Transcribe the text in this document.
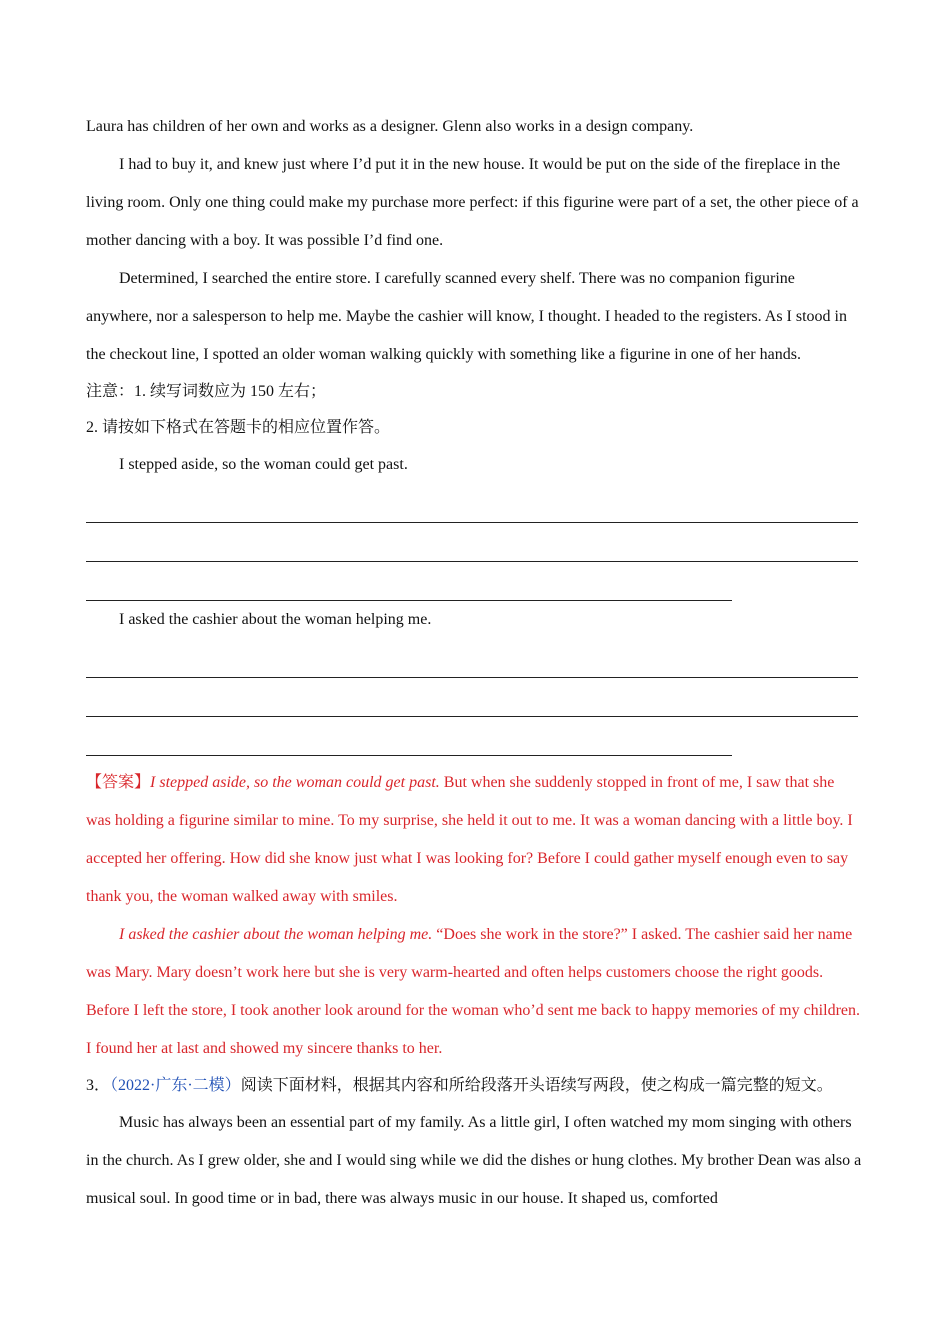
Laura has children of her own and works as a designer. Glenn also works in a design company.

I had to buy it, and knew just where I’d put it in the new house. It would be put on the side of the fireplace in the living room. Only one thing could make my purchase more perfect: if this figurine were part of a set, the other piece of a mother dancing with a boy. It was possible I’d find one.

Determined, I searched the entire store. I carefully scanned every shelf. There was no companion figurine anywhere, nor a salesperson to help me. Maybe the cashier will know, I thought. I headed to the registers. As I stood in the checkout line, I spotted an older woman walking quickly with something like a figurine in one of her hands.

注意：1. 续写词数应为 150 左右；

2. 请按如下格式在答题卡的相应位置作答。

I stepped aside, so the woman could get past.

I asked the cashier about the woman helping me.

【答案】I stepped aside, so the woman could get past. But when she suddenly stopped in front of me, I saw that she was holding a figurine similar to mine. To my surprise, she held it out to me. It was a woman dancing with a little boy. I accepted her offering. How did she know just what I was looking for? Before I could gather myself enough even to say thank you, the woman walked away with smiles.

I asked the cashier about the woman helping me. “Does she work in the store?” I asked. The cashier said her name was Mary. Mary doesn’t work here but she is very warm-hearted and often helps customers choose the right goods. Before I left the store, I took another look around for the woman who’d sent me back to happy memories of my children. I found her at last and showed my sincere thanks to her.

3．（2022·广东·二模）阅读下面材料，根据其内容和所给段落开头语续写两段，使之构成一篇完整的短文。

Music has always been an essential part of my family. As a little girl, I often watched my mom singing with others in the church. As I grew older, she and I would sing while we did the dishes or hung clothes. My brother Dean was also a musical soul. In good time or in bad, there was always music in our house. It shaped us, comforted
